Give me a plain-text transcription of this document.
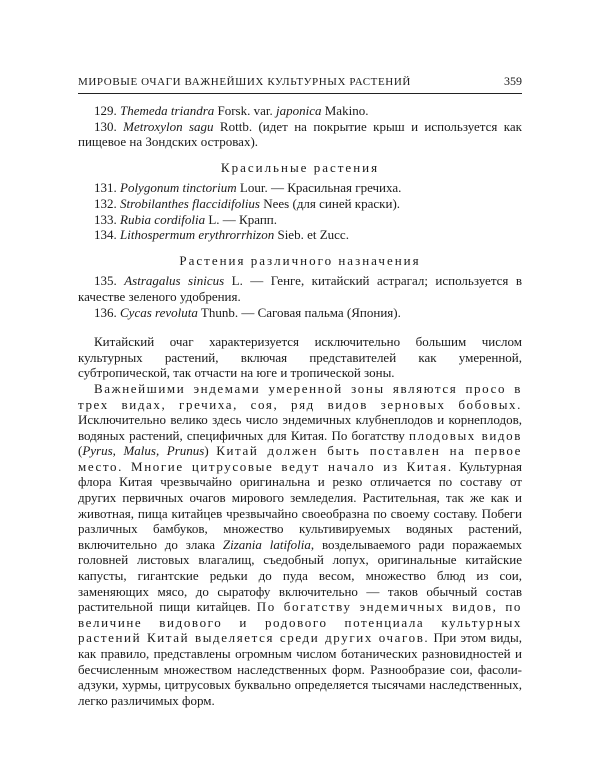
МИРОВЫЕ ОЧАГИ ВАЖНЕЙШИХ КУЛЬТУРНЫХ РАСТЕНИЙ	359

129. Themeda triandra Forsk. var. japonica Makino.

130. Metroxylon sagu Rottb. (идет на покрытие крыш и используется как пищевое на Зондских островах).

Красильные растения

131. Polygonum tinctorium Lour. — Красильная гречиха.

132. Strobilanthes flaccidifolius Nees (для синей краски).

133. Rubia cordifolia L. — Крапп.

134. Lithospermum erythrorrhizon Sieb. et Zucc.

Растения различного назначения

135. Astragalus sinicus L. — Генге, китайский астрагал; используется в качестве зеленого удобрения.

136. Cycas revoluta Thunb. — Саговая пальма (Япония).

Китайский очаг характеризуется исключительно большим числом культурных растений, включая представителей как умеренной, субтропической, так отчасти на юге и тропической зоны.

Важнейшими эндемами умеренной зоны являются просо в трех видах, гречиха, соя, ряд видов зерновых бобовых. Исключительно велико здесь число эндемичных клубнеплодов и корнеплодов, водяных растений, специфичных для Китая. По богатству плодовых видов (Pyrus, Malus, Prunus) Китай должен быть поставлен на первое место. Многие цитрусовые ведут начало из Китая. Культурная флора Китая чрезвычайно оригинальна и резко отличается по составу от других первичных очагов мирового земледелия. Растительная, так же как и животная, пища китайцев чрезвычайно своеобразна по своему составу. Побеги различных бамбуков, множество культивируемых водяных растений, включительно до злака Zizania latifolia, возделываемого ради поражаемых головней листовых влагалищ, съедобный лопух, оригинальные китайские капусты, гигантские редьки до пуда весом, множество блюд из сои, заменяющих мясо, до сыратофу включительно — таков обычный состав растительной пищи китайцев. По богатству эндемичных видов, по величине видового и родового потенциала культурных растений Китай выделяется среди других очагов. При этом виды, как правило, представлены огромным числом ботанических разновидностей и бесчисленным множеством наследственных форм. Разнообразие сои, фасоли-адзуки, хурмы, цитрусовых буквально определяется тысячами наследственных, легко различимых форм.
